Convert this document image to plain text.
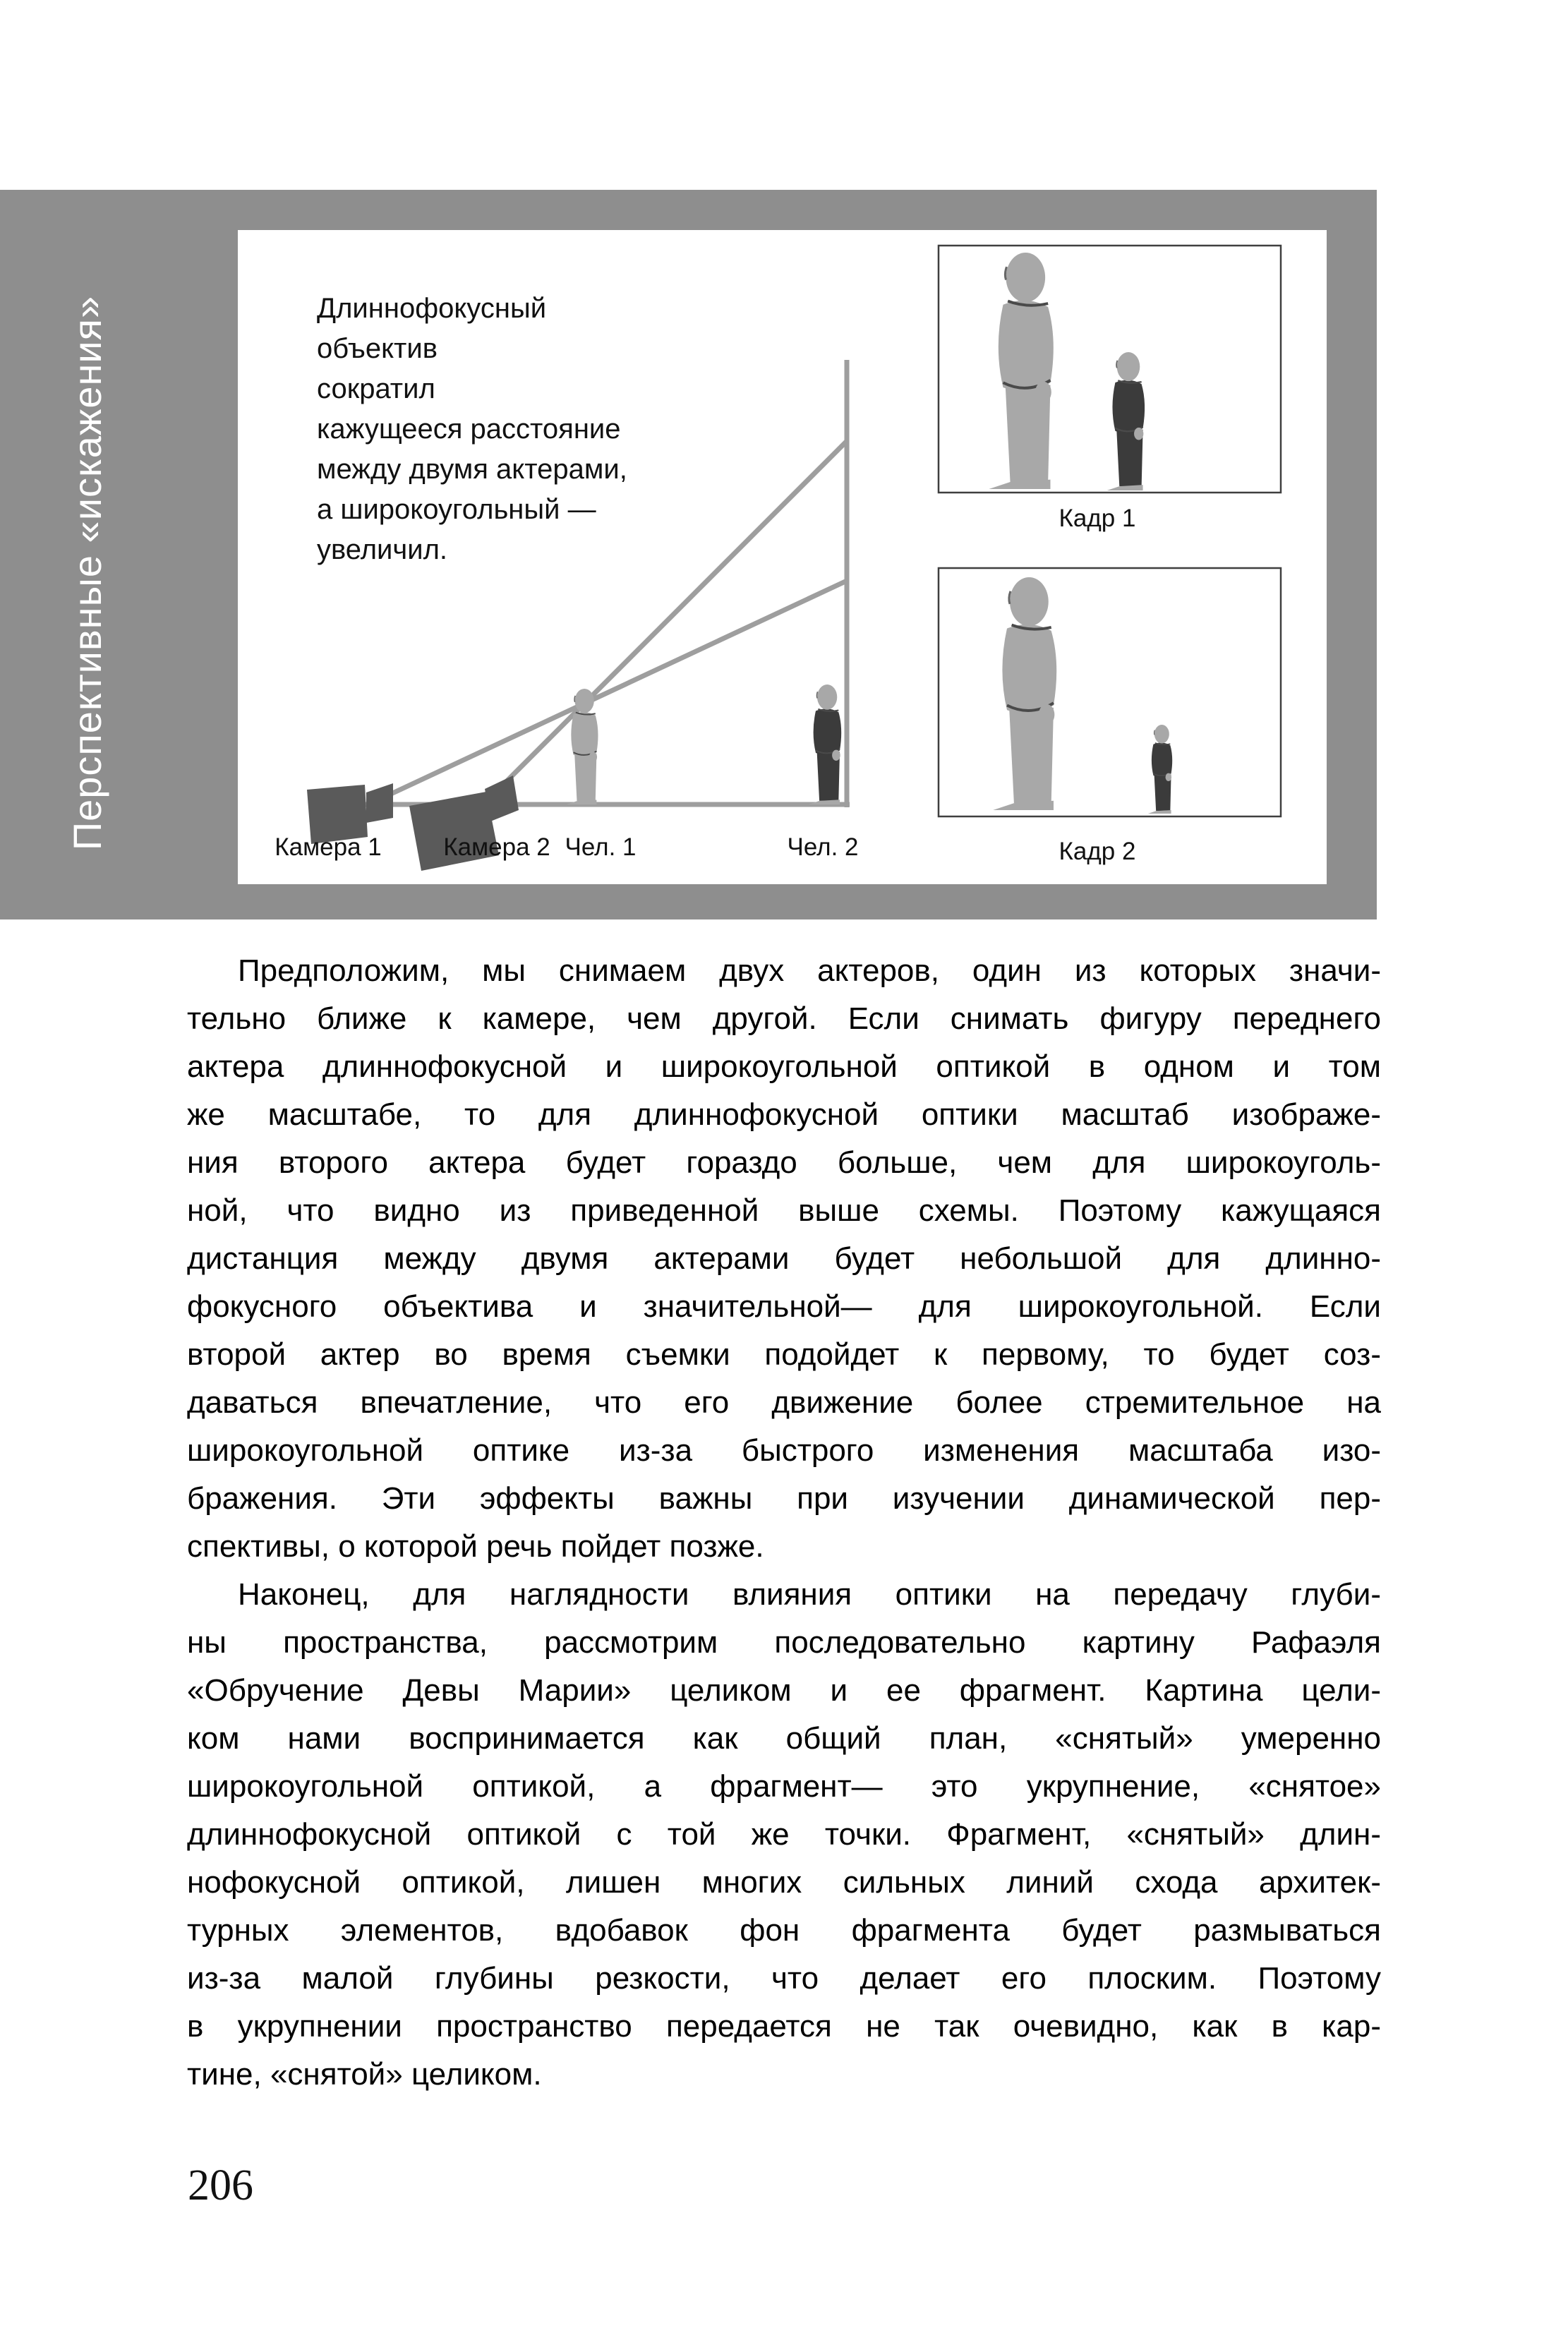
Перспективные «искажения»	Длиннофокусный
объектив
сократил
кажущееся расстояние
между двумя актерами,
а широкоугольный —
увеличил.
Камера 1 Камера 2 Чел. 1	Чел. 2
Кадр 1
Кадр 2
Предположим, мы снимаем двух актеров, один из которых значи-
тельно ближе к камере, чем другой. Если снимать фигуру переднего
актера длиннофокусной и широкоугольной оптикой в одном и том
же масштабе, то для длиннофокусной оптики масштаб изображе-
ния второго актера будет гораздо больше, чем для широкоуголь-
ной, что видно из приведенной выше схемы. Поэтому кажущаяся
дистанция между двумя актерами будет небольшой для длинно-
фокусного объектива и значительной— для широкоугольной. Если
второй актер во время съемки подойдет к первому, то будет соз-
даваться впечатление, что его движение более стремительное на
широкоугольной оптике из-за быстрого изменения масштаба изо-
бражения. Эти эффекты важны при изучении динамической пер-
спективы, о которой речь пойдет позже.
Наконец, для наглядности влияния оптики на передачу глуби-
ны пространства, рассмотрим последовательно картину Рафаэля
«Обручение Девы Марии» целиком и ее фрагмент. Картина цели-
ком нами воспринимается как общий план, «снятый» умеренно
широкоугольной оптикой, а фрагмент— это укрупнение, «снятое»
длиннофокусной оптикой с той же точки. Фрагмент, «снятый» длин-
нофокусной оптикой, лишен многих сильных линий схода архитек-
турных элементов, вдобавок фон фрагмента будет размываться
из-за малой глубины резкости, что делает его плоским. Поэтому
в укрупнении пространство передается не так очевидно, как в кар-
тине, «снятой» целиком.
206
